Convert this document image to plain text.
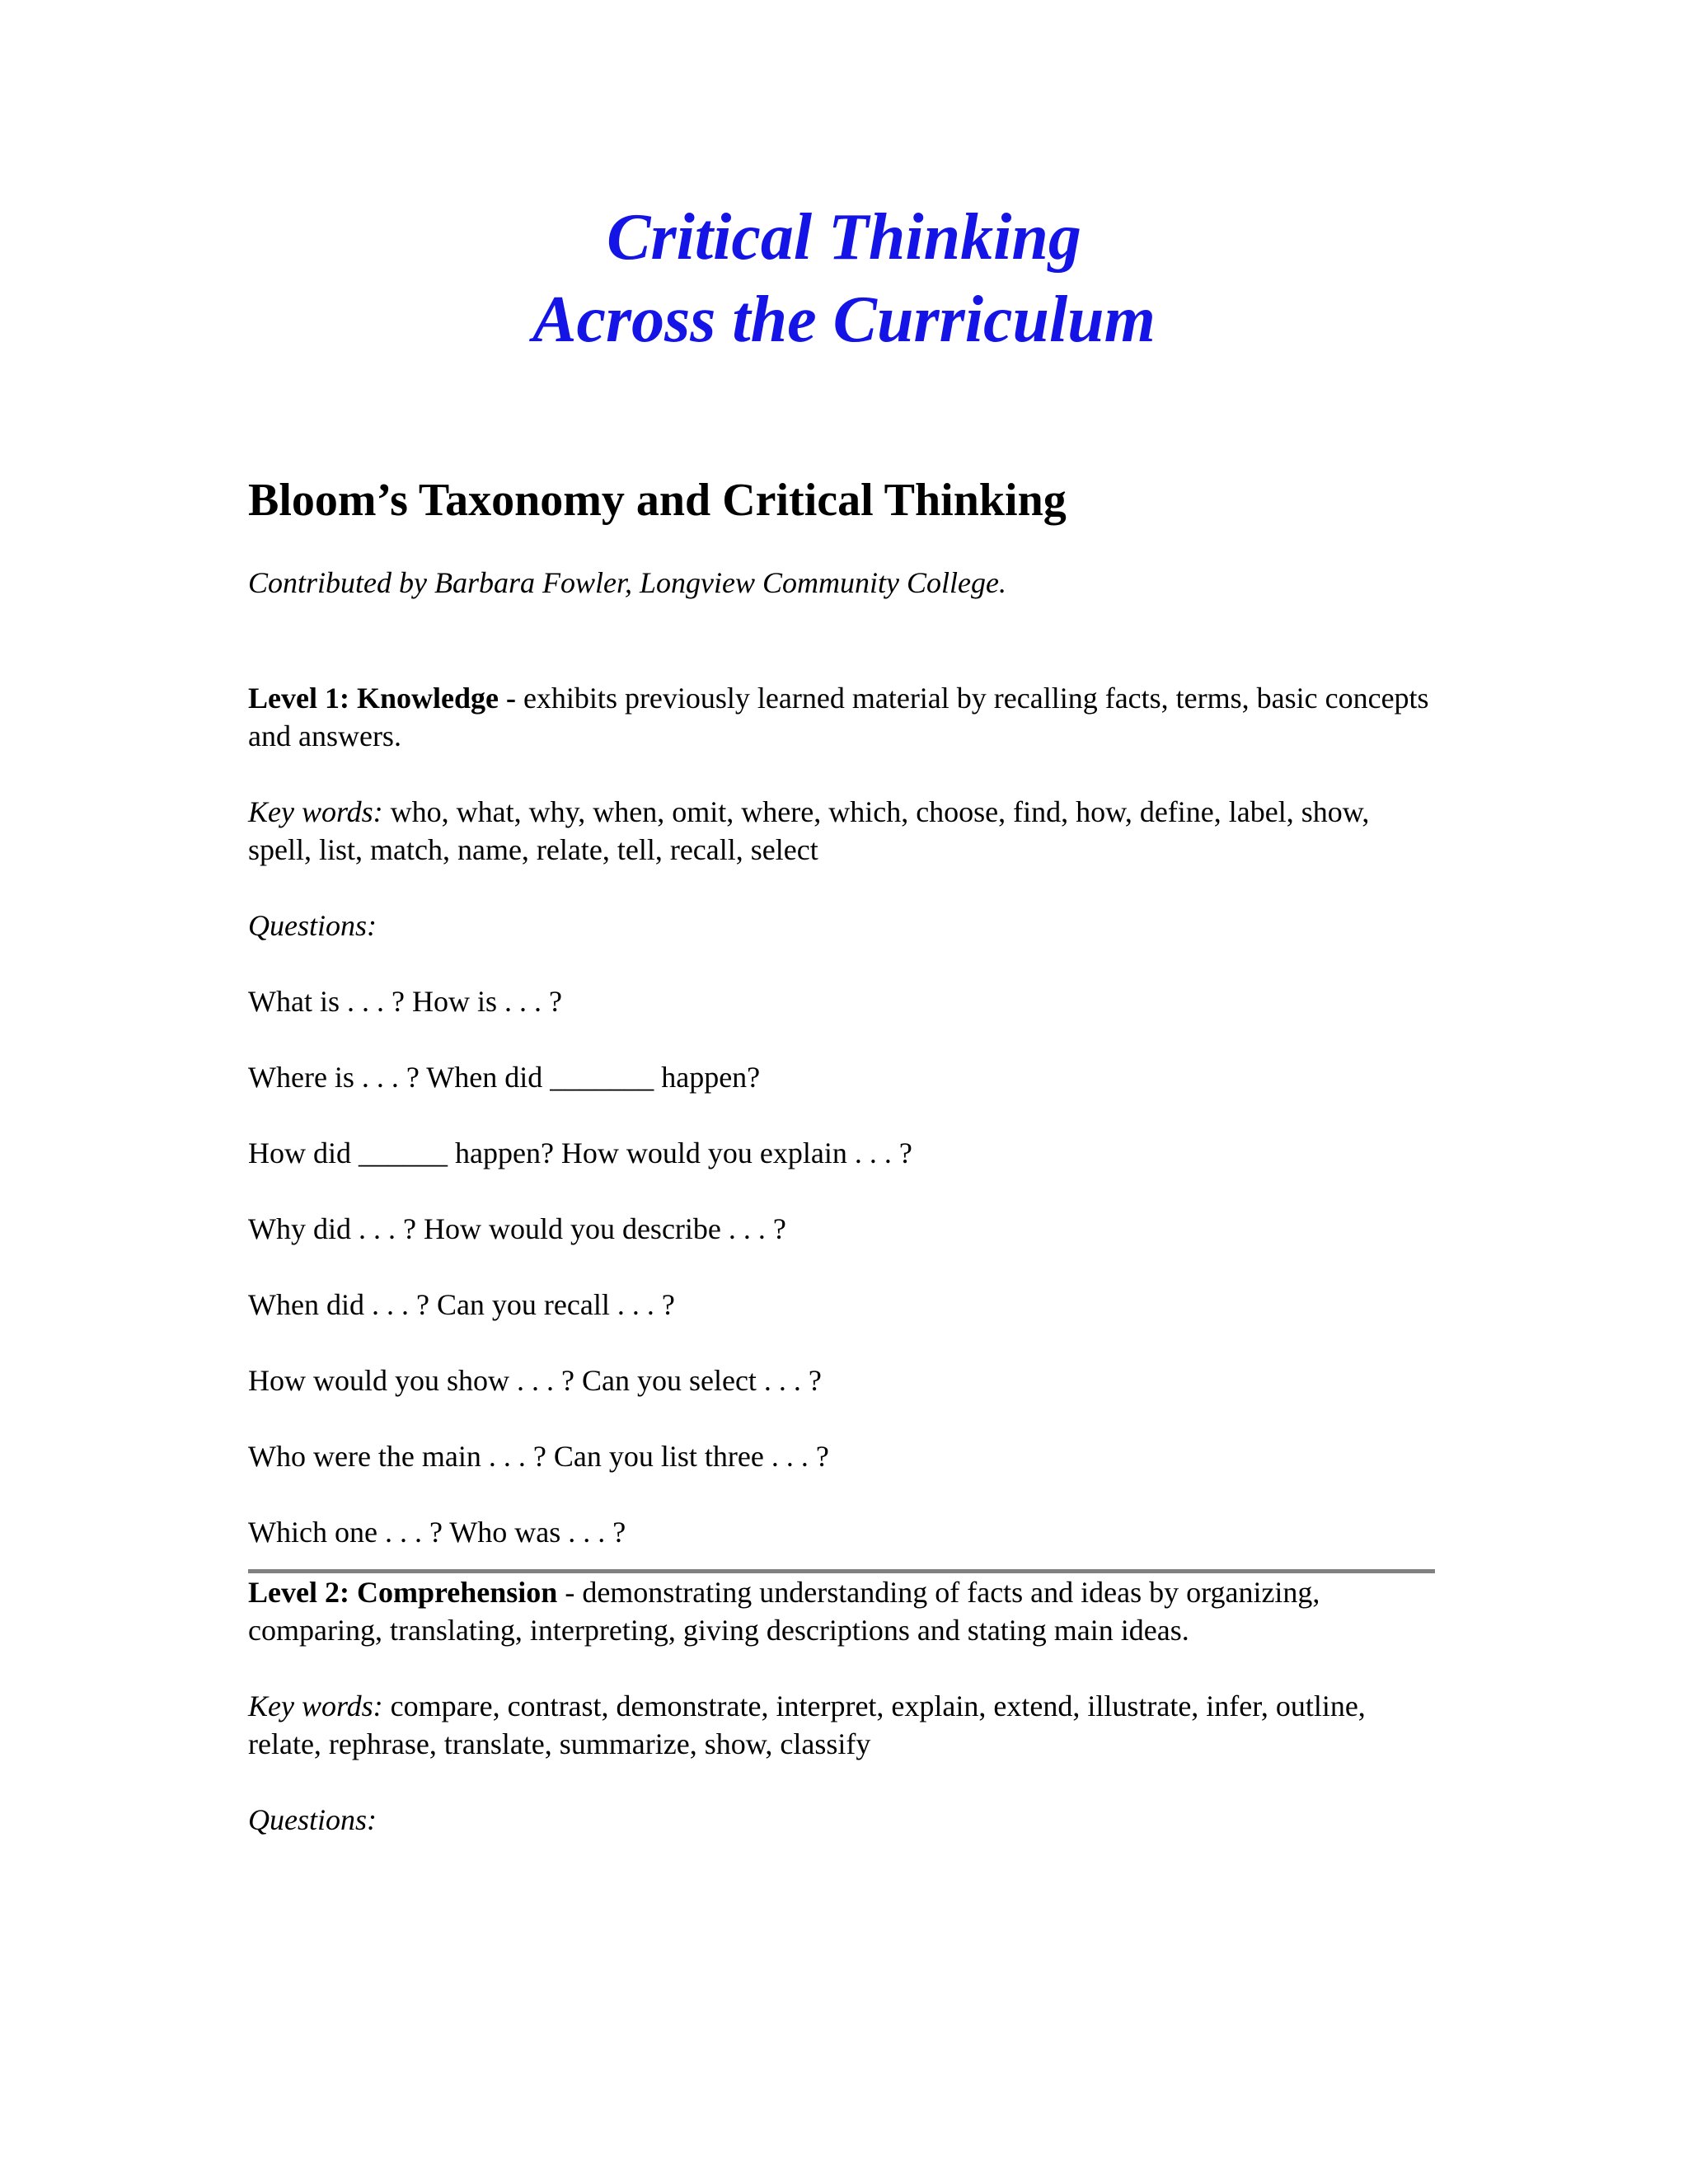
Critical Thinking
Across the Curriculum
Bloom’s Taxonomy and Critical Thinking

Contributed by Barbara Fowler, Longview Community College.

Level 1: Knowledge - exhibits previously learned material by recalling facts, terms, basic concepts and answers.

Key words: who, what, why, when, omit, where, which, choose, find, how, define, label, show, spell, list, match, name, relate, tell, recall, select

Questions:

What is . . . ? How is . . . ?
Where is . . . ? When did _______ happen?
How did ______ happen? How would you explain . . . ?
Why did . . . ? How would you describe . . . ?
When did . . . ? Can you recall . . . ?
How would you show . . . ? Can you select . . . ?
Who were the main . . . ? Can you list three . . . ?
Which one . . . ? Who was . . . ?

Level 2: Comprehension - demonstrating understanding of facts and ideas by organizing, comparing, translating, interpreting, giving descriptions and stating main ideas.

Key words: compare, contrast, demonstrate, interpret, explain, extend, illustrate, infer, outline, relate, rephrase, translate, summarize, show, classify

Questions:
